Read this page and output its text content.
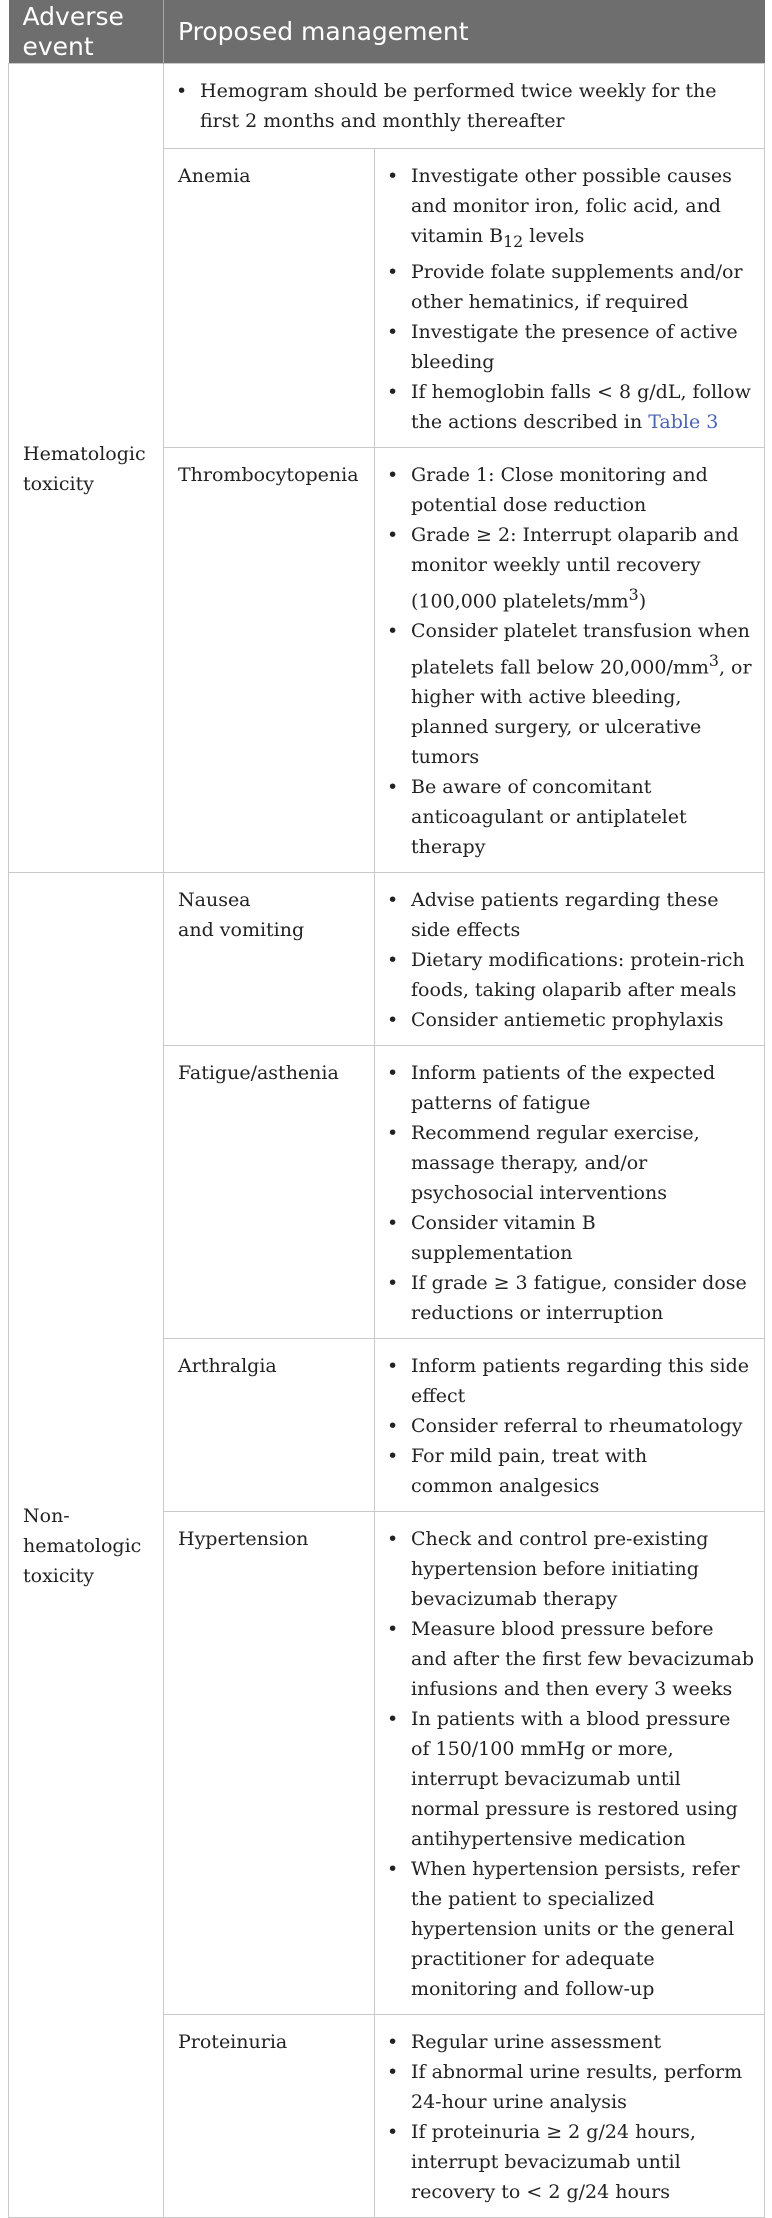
Adverse event	Proposed management	
Hematologic toxicity	• Hemogram should be performed twice weekly for the first 2 months and monthly thereafter

	Anemia	• Investigate other possible causes and monitor iron, folic acid, and vitamin $B_{12}$ levels
• Provide folate supplements and/or other hematinics, if required
• Investigate the presence of active bleeding
• If hemoglobin falls < 8 g/dL, follow the actions described in Table 3

	Thrombocytopenia	• Grade 1: Close monitoring and potential dose reduction
• Grade ≥ 2: Interrupt olaparib and monitor weekly until recovery (100,000 platelets/$mm^3$)
• Consider platelet transfusion when platelets fall below $20,000/mm^3$, or higher with active bleeding, planned surgery, or ulcerative tumors
• Be aware of concomitant anticoagulant or antiplatelet therapy

Non-
hematologic toxicity	Nausea
and vomiting	• Advise patients regarding these side effects
• Dietary modifications: protein-rich foods, taking olaparib after meals
• Consider antiemetic prophylaxis

	Fatigue/asthenia	• Inform patients of the expected patterns of fatigue
• Recommend regular exercise, massage therapy, and/or psychosocial interventions
• Consider vitamin B supplementation
• If grade ≥ 3 fatigue, consider dose reductions or interruption

	Arthralgia	• Inform patients regarding this side effect
• Consider referral to rheumatology
• For mild pain, treat with
common analgesics

	Hypertension	• Check and control pre-existing hypertension before initiating bevacizumab therapy
• Measure blood pressure before and after the first few bevacizumab infusions and then every 3 weeks
• In patients with a blood pressure of 150/100 mmHg or more, interrupt bevacizumab until normal pressure is restored using antihypertensive medication
• When hypertension persists, refer the patient to specialized hypertension units or the general practitioner for adequate monitoring and follow-up

	Proteinuria	• Regular urine assessment
• If abnormal urine results, perform 24-hour urine analysis
• If proteinuria ≥ 2 g/24 hours, interrupt bevacizumab until recovery to < 2 g/24 hours
